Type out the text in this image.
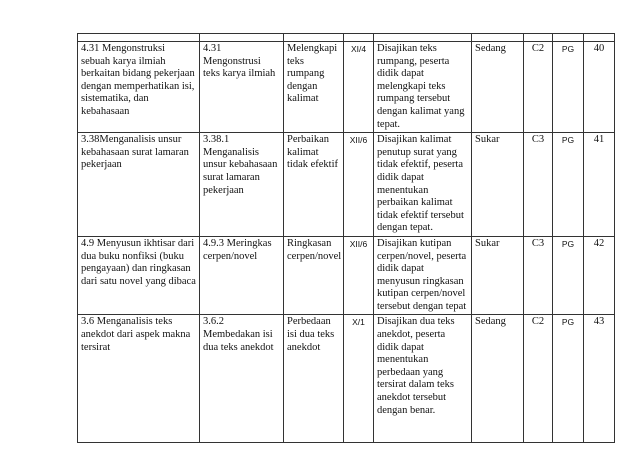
4.31 Mengonstruksi sebuah karya ilmiah berkaitan bidang pekerjaan dengan memperhatikan isi, sistematika, dan kebahasaan	4.31 Mengonstrusi teks karya ilmiah	Melengkapi teks rumpang dengan kalimat	XI/4	Disajikan teks rumpang, peserta didik dapat melengkapi teks rumpang tersebut dengan kalimat yang tepat.	Sedang	C2	PG	40
3.38Menganalisis unsur kebahasaan surat lamaran pekerjaan	3.38.1 Menganalisis unsur kebahasaan surat lamaran pekerjaan	Perbaikan kalimat tidak efektif	XII/6	Disajikan kalimat penutup surat yang tidak efektif, peserta didik dapat menentukan perbaikan kalimat tidak efektif tersebut dengan tepat.	Sukar	C3	PG	41
4.9 Menyusun ikhtisar dari dua buku nonfiksi (buku pengayaan) dan ringkasan dari satu novel yang dibaca	4.9.3 Meringkas cerpen/novel	Ringkasan cerpen/novel	XII/6	Disajikan kutipan cerpen/novel, peserta didik dapat menyusun ringkasan kutipan cerpen/novel tersebut dengan tepat	Sukar	C3	PG	42
3.6 Menganalisis teks anekdot dari aspek makna tersirat	3.6.2 Membedakan isi dua teks anekdot	Perbedaan isi dua teks anekdot	X/1	Disajikan dua teks anekdot, peserta didik dapat menentukan perbedaan yang tersirat dalam teks anekdot tersebut dengan benar.	Sedang	C2	PG	43
